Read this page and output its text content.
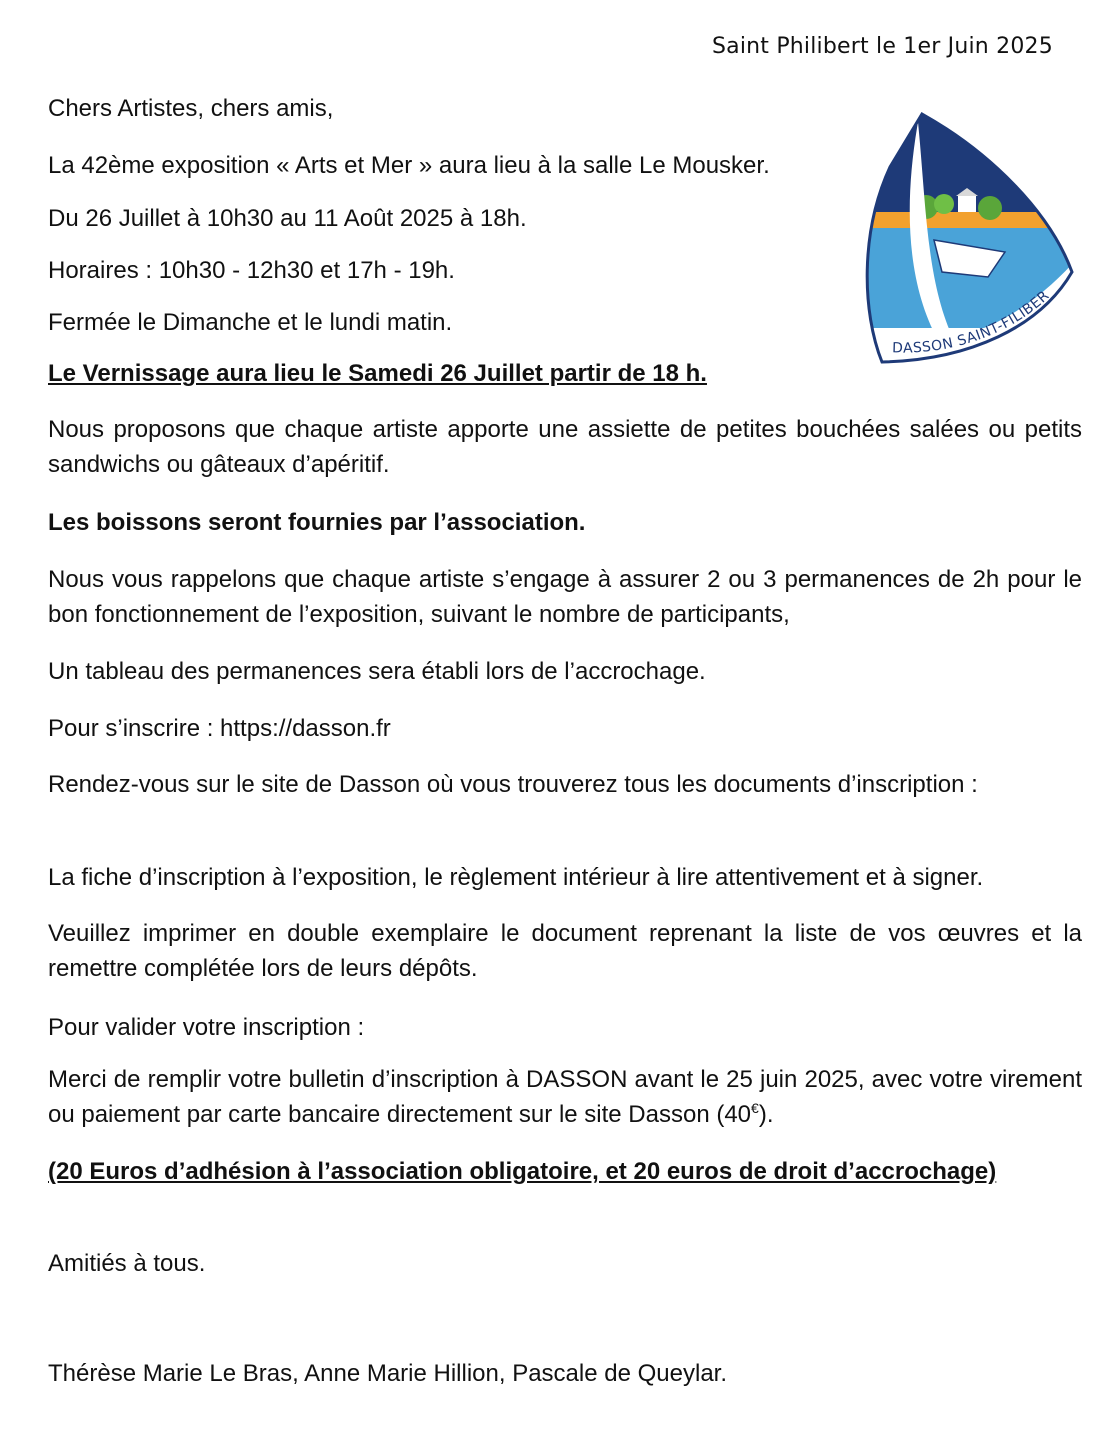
Saint Philibert le 1er Juin 2025
DASSON SAINT-FILIBER
Chers Artistes, chers amis,
La 42ème exposition « Arts et Mer » aura lieu à la salle Le Mousker.
Du 26 Juillet à 10h30 au 11 Août 2025 à 18h.
Horaires : 10h30 - 12h30 et 17h - 19h.
Fermée le Dimanche et le lundi matin.
Le Vernissage aura lieu le Samedi 26 Juillet partir de 18 h.
Nous proposons que chaque artiste apporte une assiette de petites bouchées salées ou petits sandwichs ou gâteaux d’apéritif.
Les boissons seront fournies par l’association.
Nous vous rappelons que chaque artiste s’engage à assurer 2 ou 3 permanences de 2h pour le bon fonctionnement de l’exposition, suivant le nombre de participants,
Un tableau des permanences sera établi lors de l’accrochage.
Pour s’inscrire : https://dasson.fr
Rendez-vous sur le site de Dasson où vous trouverez tous les documents d’inscription :
La fiche d’inscription à l’exposition, le règlement intérieur à lire attentivement et à signer.
Veuillez imprimer en double exemplaire le document reprenant la liste de vos œuvres et la remettre complétée lors de leurs dépôts.
Pour valider votre inscription :
Merci de remplir votre bulletin d’inscription à DASSON avant le 25 juin 2025, avec votre virement ou paiement par carte bancaire directement sur le site Dasson (40€).
(20 Euros d’adhésion à l’association obligatoire, et 20 euros de droit d’accrochage)
Amitiés à tous.
Thérèse Marie Le Bras, Anne Marie Hillion, Pascale de Queylar.
